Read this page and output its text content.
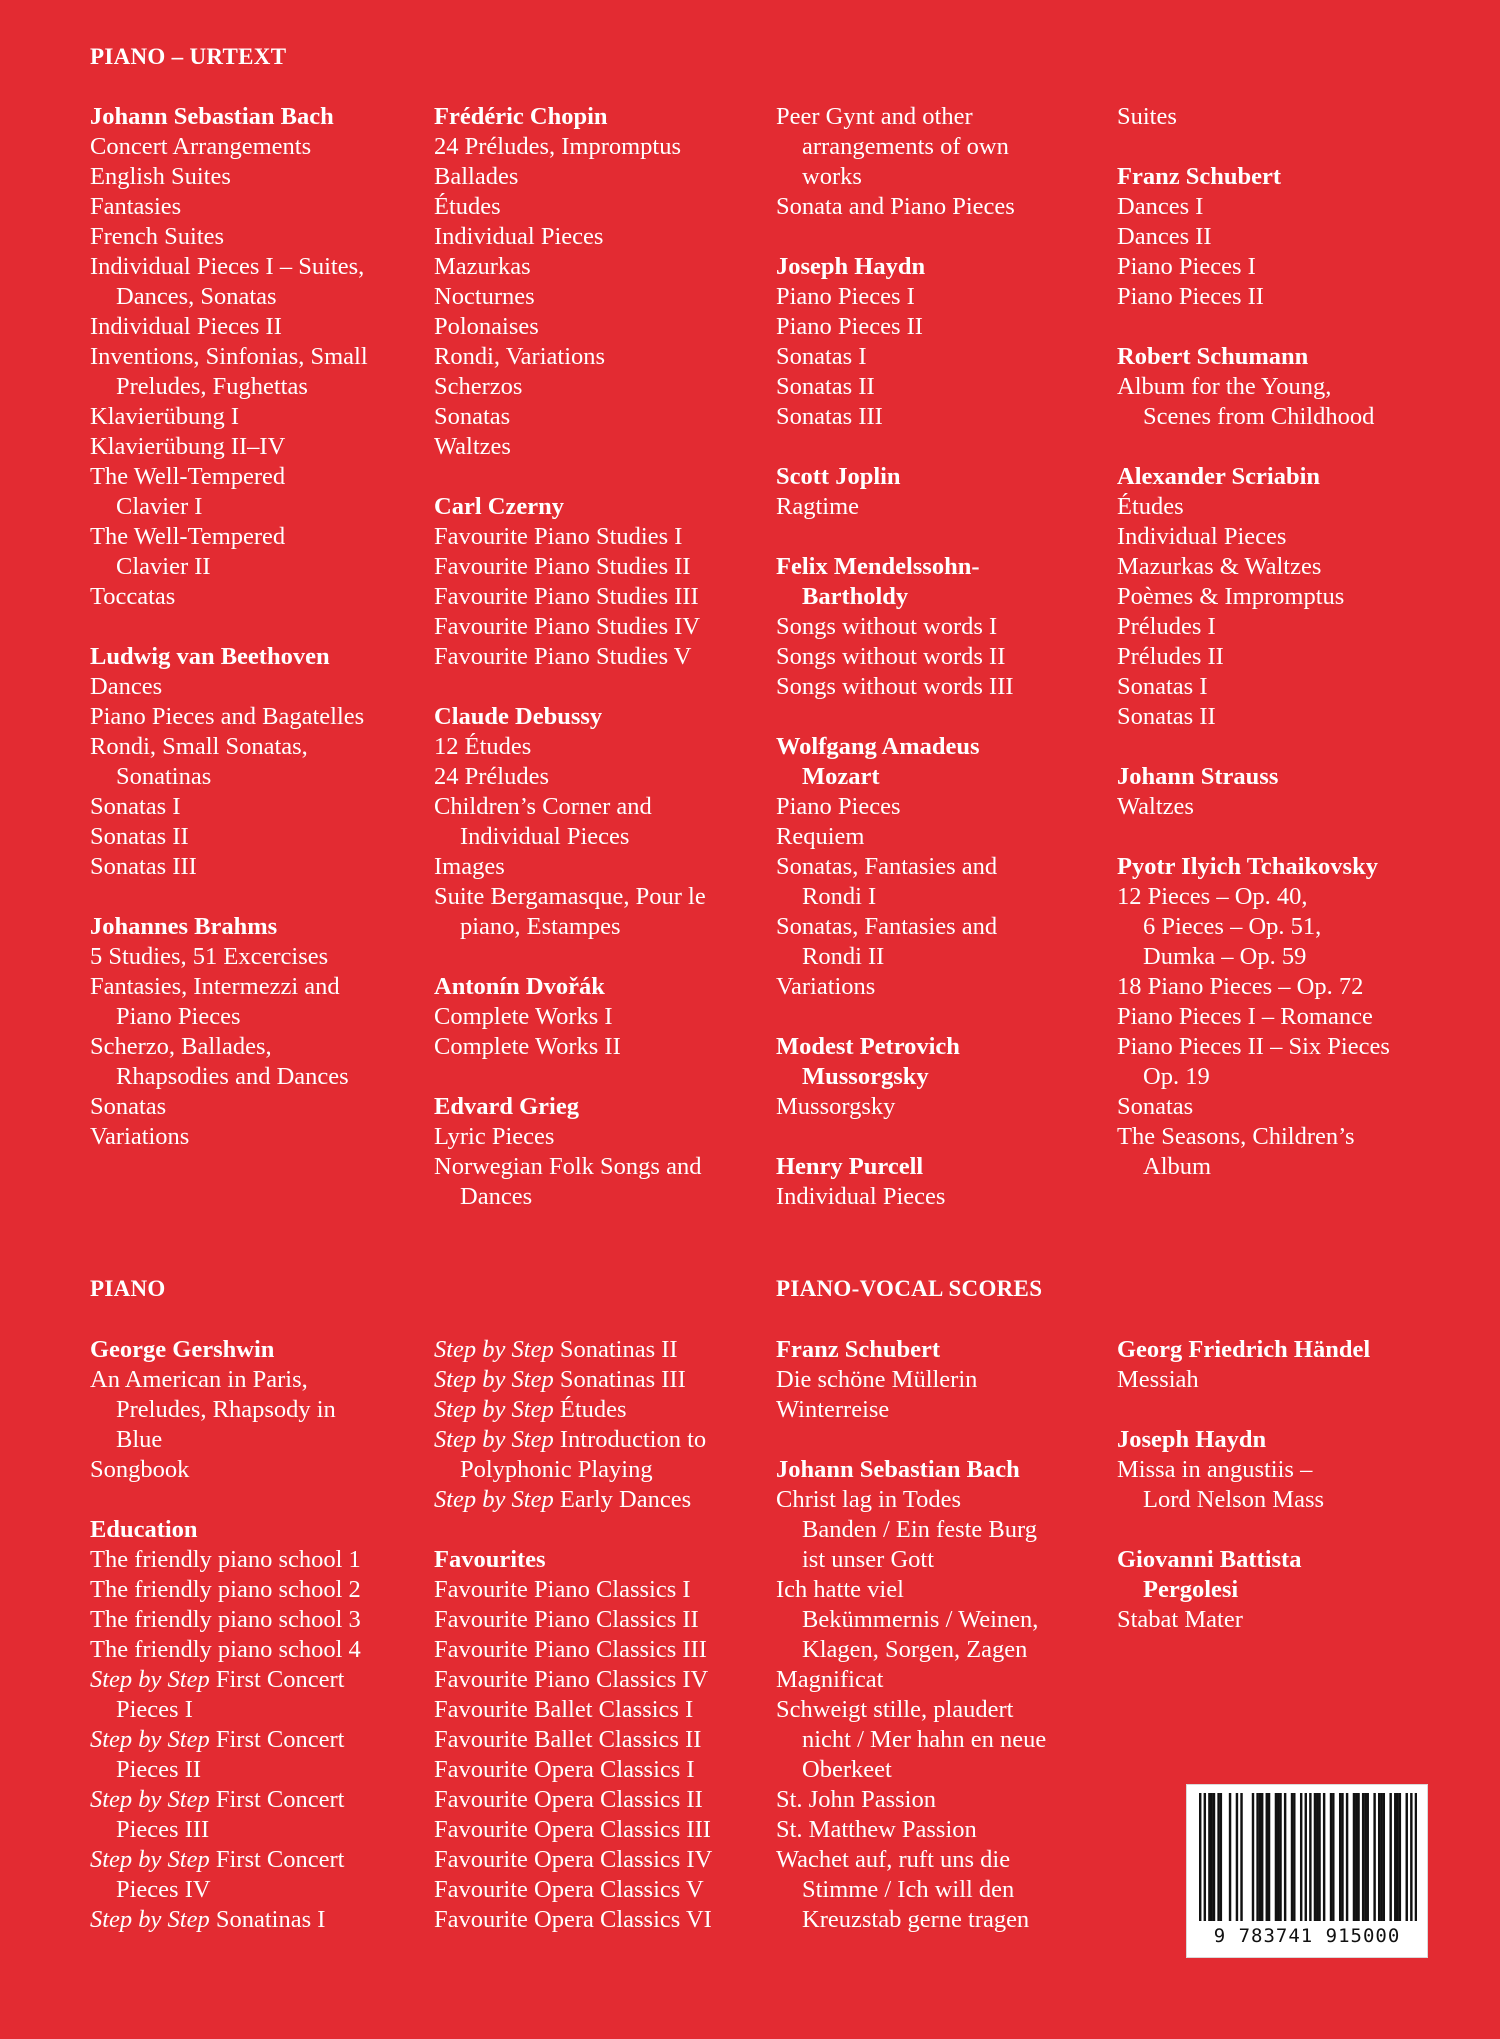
PIANO – URTEXT
PIANO	PIANO-VOCAL SCORES
Johann Sebastian Bach
Concert Arrangements
English Suites
Fantasies
French Suites
Individual Pieces I – Suites,
Dances, Sonatas
Individual Pieces II
Inventions, Sinfonias, Small
Preludes, Fughettas
Klavierübung I
Klavierübung II–IV
The Well-Tempered
Clavier I
The Well-Tempered
Clavier II
Toccatas
Ludwig van Beethoven
Dances
Piano Pieces and Bagatelles
Rondi, Small Sonatas,
Sonatinas
Sonatas I
Sonatas II
Sonatas III
Johannes Brahms
5 Studies, 51 Excercises
Fantasies, Intermezzi and
Piano Pieces
Scherzo, Ballades,
Rhapsodies and Dances
Sonatas
Variations
Frédéric Chopin
24 Préludes, Impromptus
Ballades
Études
Individual Pieces
Mazurkas
Nocturnes
Polonaises
Rondi, Variations
Scherzos
Sonatas
Waltzes
Carl Czerny
Favourite Piano Studies I
Favourite Piano Studies II
Favourite Piano Studies III
Favourite Piano Studies IV
Favourite Piano Studies V
Claude Debussy
12 Études
24 Préludes
Children’s Corner and
Individual Pieces
Images
Suite Bergamasque, Pour le
piano, Estampes
Antonín Dvořák
Complete Works I
Complete Works II
Edvard Grieg
Lyric Pieces
Norwegian Folk Songs and
Dances
Peer Gynt and other
arrangements of own
works
Sonata and Piano Pieces
Joseph Haydn
Piano Pieces I
Piano Pieces II
Sonatas I
Sonatas II
Sonatas III
Scott Joplin
Ragtime
Felix Mendelssohn-
Bartholdy
Songs without words I
Songs without words II
Songs without words III
Wolfgang Amadeus
Mozart
Piano Pieces
Requiem
Sonatas, Fantasies and
Rondi I
Sonatas, Fantasies and
Rondi II
Variations
Modest Petrovich
Mussorgsky
Mussorgsky
Henry Purcell
Individual Pieces
Suites
Franz Schubert
Dances I
Dances II
Piano Pieces I
Piano Pieces II
Robert Schumann
Album for the Young,
Scenes from Childhood
Alexander Scriabin
Études
Individual Pieces
Mazurkas & Waltzes
Poèmes & Impromptus
Préludes I
Préludes II
Sonatas I
Sonatas II
Johann Strauss
Waltzes
Pyotr Ilyich Tchaikovsky
12 Pieces – Op. 40,
6 Pieces – Op. 51,
Dumka – Op. 59
18 Piano Pieces – Op. 72
Piano Pieces I – Romance
Piano Pieces II – Six Pieces
Op. 19
Sonatas
The Seasons, Children’s
Album
George Gershwin
An American in Paris,
Preludes, Rhapsody in
Blue
Songbook
Education
The friendly piano school 1
The friendly piano school 2
The friendly piano school 3
The friendly piano school 4
Step by Step First Concert
Pieces I
Step by Step First Concert
Pieces II
Step by Step First Concert
Pieces III
Step by Step First Concert
Pieces IV
Step by Step Sonatinas I
Step by Step Sonatinas II
Step by Step Sonatinas III
Step by Step Études
Step by Step Introduction to
Polyphonic Playing
Step by Step Early Dances
Favourites
Favourite Piano Classics I
Favourite Piano Classics II
Favourite Piano Classics III
Favourite Piano Classics IV
Favourite Ballet Classics I
Favourite Ballet Classics II
Favourite Opera Classics I
Favourite Opera Classics II
Favourite Opera Classics III
Favourite Opera Classics IV
Favourite Opera Classics V
Favourite Opera Classics VI
Franz Schubert
Die schöne Müllerin
Winterreise
Johann Sebastian Bach
Christ lag in Todes
Banden / Ein feste Burg
ist unser Gott
Ich hatte viel
Bekümmernis / Weinen,
Klagen, Sorgen, Zagen
Magnificat
Schweigt stille, plaudert
nicht / Mer hahn en neue
Oberkeet
St. John Passion
St. Matthew Passion
Wachet auf, ruft uns die
Stimme / Ich will den
Kreuzstab gerne tragen
Georg Friedrich Händel
Messiah
Joseph Haydn
Missa in angustiis –
Lord Nelson Mass
Giovanni Battista
Pergolesi
Stabat Mater
9 783741 915000
